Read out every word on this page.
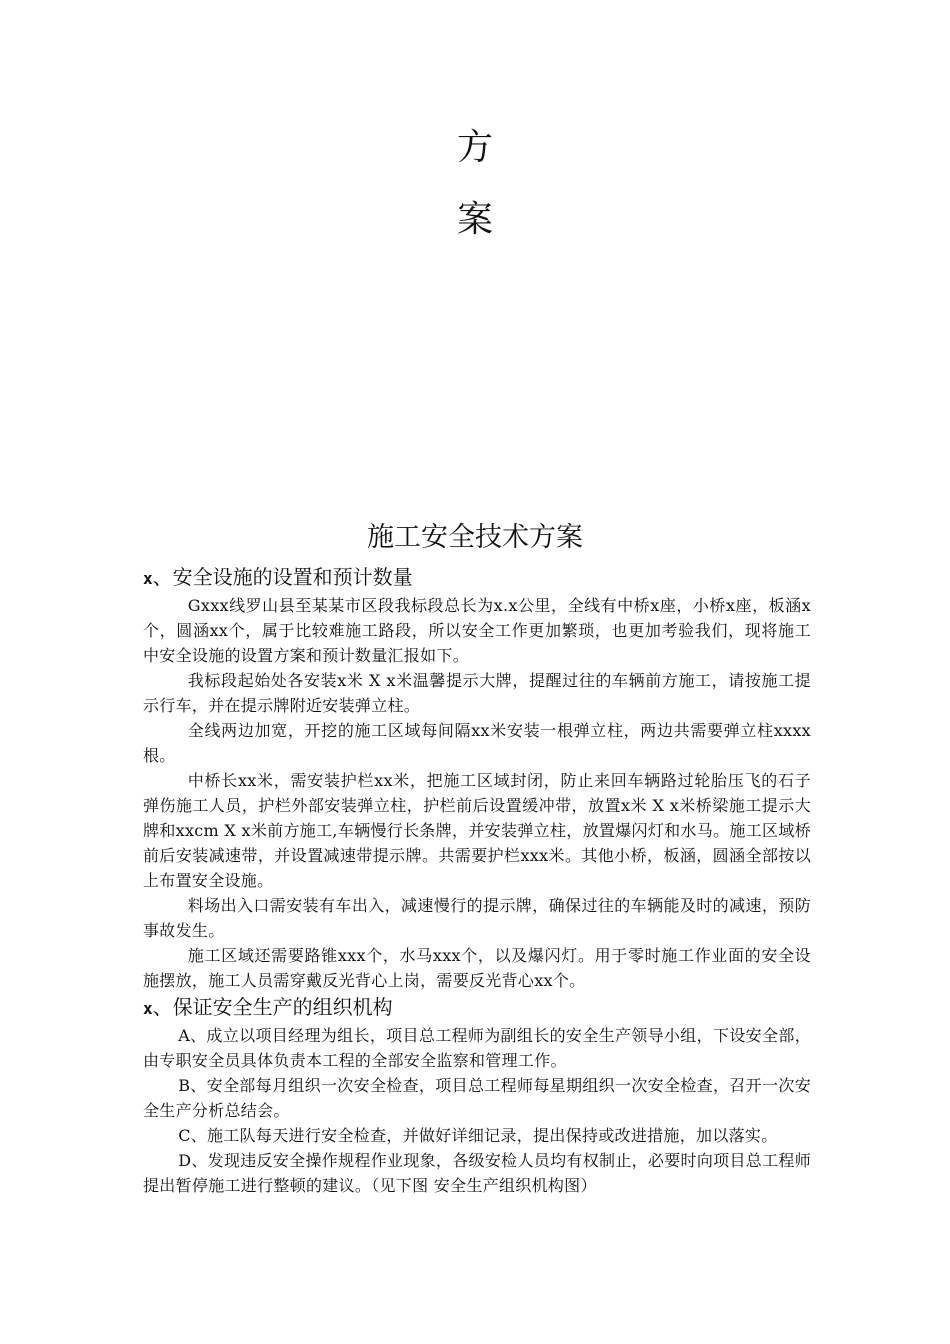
方
案
施工安全技术方案
x、安全设施的设置和预计数量

Gxxx线罗山县至某某市区段我标段总长为x.x公里，全线有中桥x座，小桥x座，板涵x个，圆涵xx个，属于比较难施工路段，所以安全工作更加繁琐，也更加考验我们，现将施工中安全设施的设置方案和预计数量汇报如下。

我标段起始处各安装x米 X x米温馨提示大牌，提醒过往的车辆前方施工，请按施工提示行车，并在提示牌附近安装弹立柱。

全线两边加宽，开挖的施工区域每间隔xx米安装一根弹立柱，两边共需要弹立柱xxxx根。

中桥长xx米，需安装护栏xx米，把施工区域封闭，防止来回车辆路过轮胎压飞的石子弹伤施工人员，护栏外部安装弹立柱，护栏前后设置缓冲带，放置x米 X x米桥梁施工提示大牌和xxcm X x米前方施工,车辆慢行长条牌，并安装弹立柱，放置爆闪灯和水马。施工区域桥前后安装减速带，并设置减速带提示牌。共需要护栏xxx米。其他小桥，板涵，圆涵全部按以上布置安全设施。

料场出入口需安装有车出入，减速慢行的提示牌，确保过往的车辆能及时的减速，预防事故发生。

施工区域还需要路锥xxx个，水马xxx个，以及爆闪灯。用于零时施工作业面的安全设施摆放，施工人员需穿戴反光背心上岗，需要反光背心xx个。

x、保证安全生产的组织机构

A、成立以项目经理为组长，项目总工程师为副组长的安全生产领导小组，下设安全部，由专职安全员具体负责本工程的全部安全监察和管理工作。

B、安全部每月组织一次安全检查，项目总工程师每星期组织一次安全检查，召开一次安全生产分析总结会。

C、施工队每天进行安全检查，并做好详细记录，提出保持或改进措施，加以落实。

D、发现违反安全操作规程作业现象，各级安检人员均有权制止，必要时向项目总工程师提出暂停施工进行整顿的建议。（见下图 安全生产组织机构图）
